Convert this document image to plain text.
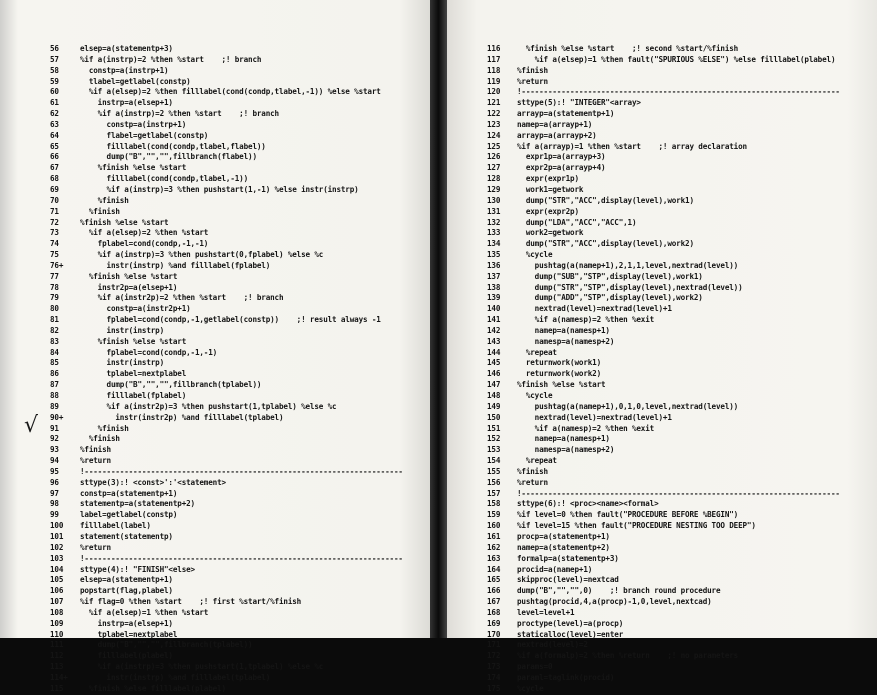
56	elsep=a(statementp+3)
57	%if a(instrp)=2 %then %start    ;! branch
58	constp=a(instrp+1)
59	tlabel=getlabel(constp)
60	%if a(elsep)=2 %then filllabel(cond(condp,tlabel,-1)) %else %start
61	instrp=a(elsep+1)
62	%if a(instrp)=2 %then %start    ;! branch
63	constp=a(instrp+1)
64	flabel=getlabel(constp)
65	filllabel(cond(condp,tlabel,flabel))
66	dump("B","","",fillbranch(flabel))
67	%finish %else %start
68	filllabel(cond(condp,tlabel,-1))
69	%if a(instrp)=3 %then pushstart(1,-1) %else instr(instrp)
70	%finish
71	%finish
72	%finish %else %start
73	%if a(elsep)=2 %then %start
74	fplabel=cond(condp,-1,-1)
75	%if a(instrp)=3 %then pushstart(0,fplabel) %else %c
76+      instr(instrp) %and filllabel(fplabel)
77	%finish %else %start
78	instr2p=a(elsep+1)
79	%if a(instr2p)=2 %then %start    ;! branch
80	constp=a(instr2p+1)
81	fplabel=cond(condp,-1,getlabel(constp))    ;! result always -1
82	instr(instrp)
83	%finish %else %start
84	fplabel=cond(condp,-1,-1)
85	instr(instrp)
86	tplabel=nextplabel
87	dump("B","","",fillbranch(tplabel))
88	filllabel(fplabel)
89	%if a(instr2p)=3 %then pushstart(1,tplabel) %else %c
90+        instr(instr2p) %and filllabel(tplabel)
91	%finish
92	%finish
93	%finish
94	%return
95	!------------------------------------------------------------------------
96	sttype(3):! <const>':'<statement>
97	constp=a(statementp+1)
98	statementp=a(statementp+2)
99	label=getlabel(constp)
100 filllabel(label)
101 statement(statementp)
102 %return
103 !------------------------------------------------------------------------
104 sttype(4):! "FINISH"<else>
105 elsep=a(statementp+1)
106 popstart(flag,plabel)
107 %if flag=0 %then %start    ;! first %start/%finish
108  %if a(elsep)=1 %then %start
109    instrp=a(elsep+1)
110    tplabel=nextplabel
111    dump("B","","",fillbranch(tplabel))
112    filllabel(plabel)
113    %if a(instrp)=3 %then pushstart(1,tplabel) %else %c
114+      instr(instrp) %and filllabel(tplabel)
115  %finish %else filllabel(plabel)
√
116  %finish %else %start    ;! second %start/%finish
117    %if a(elsep)=1 %then fault("SPURIOUS %ELSE") %else filllabel(plabel)
118 %finish
119 %return
120 !------------------------------------------------------------------------
121 sttype(5):! "INTEGER"<array>
122 arrayp=a(statementp+1)
123 namep=a(arrayp+1)
124 arrayp=a(arrayp+2)
125 %if a(arrayp)=1 %then %start    ;! array declaration
126  expr1p=a(arrayp+3)
127  expr2p=a(arrayp+4)
128  expr(expr1p)
129  work1=getwork
130  dump("STR","ACC",display(level),work1)
131  expr(expr2p)
132  dump("LDA","ACC","ACC",1)
133  work2=getwork
134  dump("STR","ACC",display(level),work2)
135  %cycle
136    pushtag(a(namep+1),2,1,1,level,nextrad(level))
137    dump("SUB","STP",display(level),work1)
138    dump("STR","STP",display(level),nextrad(level))
139    dump("ADD","STP",display(level),work2)
140    nextrad(level)=nextrad(level)+1
141    %if a(namesp)=2 %then %exit
142    namep=a(namesp+1)
143    namesp=a(namesp+2)
144  %repeat
145  returnwork(work1)
146  returnwork(work2)
147 %finish %else %start
148  %cycle
149    pushtag(a(namep+1),0,1,0,level,nextrad(level))
150    nextrad(level)=nextrad(level)+1
151    %if a(namesp)=2 %then %exit
152    namep=a(namesp+1)
153    namesp=a(namesp+2)
154  %repeat
155 %finish
156 %return
157 !------------------------------------------------------------------------
158 sttype(6):! <proc><name><formal>
159 %if level=0 %then fault("PROCEDURE BEFORE %BEGIN")
160 %if level=15 %then fault("PROCEDURE NESTING TOO DEEP")
161 procp=a(statementp+1)
162 namep=a(statementp+2)
163 formalp=a(statementp+3)
164 procid=a(namep+1)
165 skipproc(level)=nextcad
166 dump("B","","",0)    ;! branch round procedure
167 pushtag(procid,4,a(procp)-1,0,level,nextcad)
168 level=level+1
169 proctype(level)=a(procp)
170 staticalloc(level)=enter
171 nextrad(level)=2
172 %if a(formalp)=2 %then %return    ;! no parameters
173 params=0
174 paraml=taglink(procid)
175 %cycle
